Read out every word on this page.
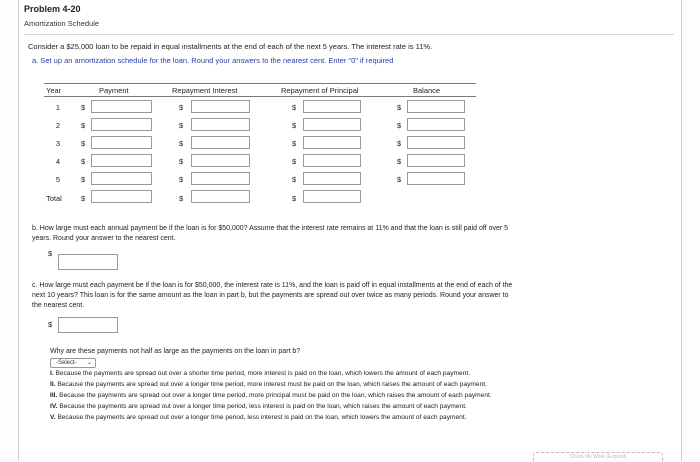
Problem 4-20
Amortization Schedule
Consider a $25,000 loan to be repaid in equal installments at the end of each of the next 5 years. The interest rate is 11%.
a. Set up an amortization schedule for the loan. Round your answers to the nearest cent. Enter "0" if required
Year	Payment	Repayment Interest	Repayment of Principal	Balance
1	$	$	$	$
2	$	$	$	$
3	$	$	$	$
4	$	$	$	$
5	$	$	$	$
Total	$	$	$
b. How large must each annual payment be if the loan is for $50,000? Assume that the interest rate remains at 11% and that the loan is still paid off over 5
years. Round your answer to the nearest cent.
$
c. How large must each payment be if the loan is for $50,000, the interest rate is 11%, and the loan is paid off in equal installments at the end of each of the
next 10 years? This loan is for the same amount as the loan in part b, but the payments are spread out over twice as many periods. Round your answer to
the nearest cent.
$
Why are these payments not half as large as the payments on the loan in part b?
-Select- ⌄
I. Because the payments are spread out over a shorter time period, more interest is paid on the loan, which lowers the amount of each payment.
II. Because the payments are spread out over a longer time period, more interest must be paid on the loan, which raises the amount of each payment.
III. Because the payments are spread out over a longer time period, more principal must be paid on the loan, which raises the amount of each payment.
IV. Because the payments are spread out over a longer time period, less interest is paid on the loan, which raises the amount of each payment.
V. Because the payments are spread out over a longer time period, less interest is paid on the loan, which lowers the amount of each payment.
Check My Work (Expired)
